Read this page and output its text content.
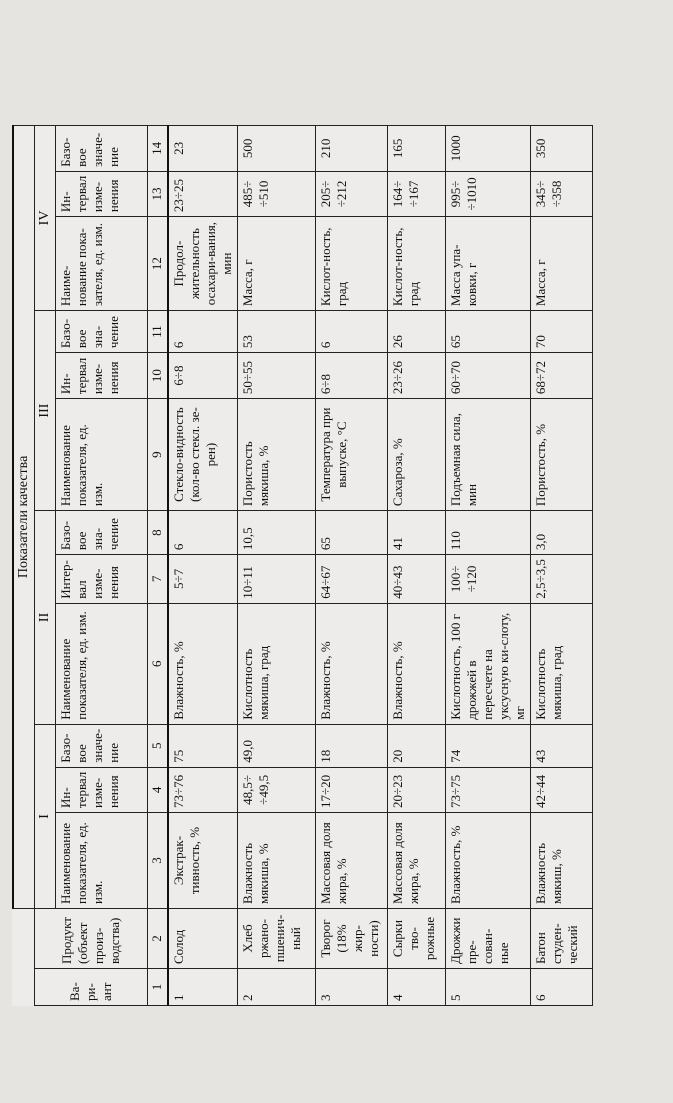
		Показатели качества											
Ва-ри-ант	Продукт (объект произ-водства)	I			II			III			IV		
		Наименование показателя, ед. изм.	Ин-тервал изме-нения	Базо-вое значе-ние	Наименование показателя, ед. изм.	Интер-вал изме-нения	Базо-вое зна-чение	Наименование показателя, ед. изм.	Ин-тервал изме-нения	Базо-вое зна-чение	Наиме-нование пока-зателя, ед. изм.	Ин-тервал изме-нения	Базо-вое значе-ние
1	2	3	4	5	6	7	8	9	10	11	12	13	14
1	Солод	Экстрак-тивность, %	73÷76	75	Влажность, %	5÷7	6	Стекло-видность (кол-во стекл. зе-рен)	6÷8	6	Продол-жительность осахари-вания, мин	23÷25	23
2	Хлеб ржано-пшенич-ный	Влажность мякиша, %	48,5÷ ÷49,5	49,0	Кислотность мякиша, град	10÷11	10,5	Пористость мякиша, %	50÷55	53	Масса, г	485÷ ÷510	500
3	Творог (18% жир-ности)	Массовая доля жира, %	17÷20	18	Влажность, %	64÷67	65	Температура при выпуске, °С	6÷8	6	Кислот-ность, град	205÷ ÷212	210
4	Сырки тво-рожные	Массовая доля жира, %	20÷23	20	Влажность, %	40÷43	41	Сахароза, %	23÷26	26	Кислот-ность, град	164÷ ÷167	165
5	Дрожжи пре-сован-ные	Влажность, %	73÷75	74	Кислотность, 100 г дрожжей в пересчете на уксусную ки-слоту, мг	100÷ ÷120	110	Подъемная сила, мин	60÷70	65	Масса упа-ковки, г	995÷ ÷1010	1000
6	Батон студен-ческий	Влажность мякиш, %	42÷44	43	Кислотность мякиша, град	2,5÷3,5	3,0	Пористость, %	68÷72	70	Масса, г	345÷ ÷358	350
